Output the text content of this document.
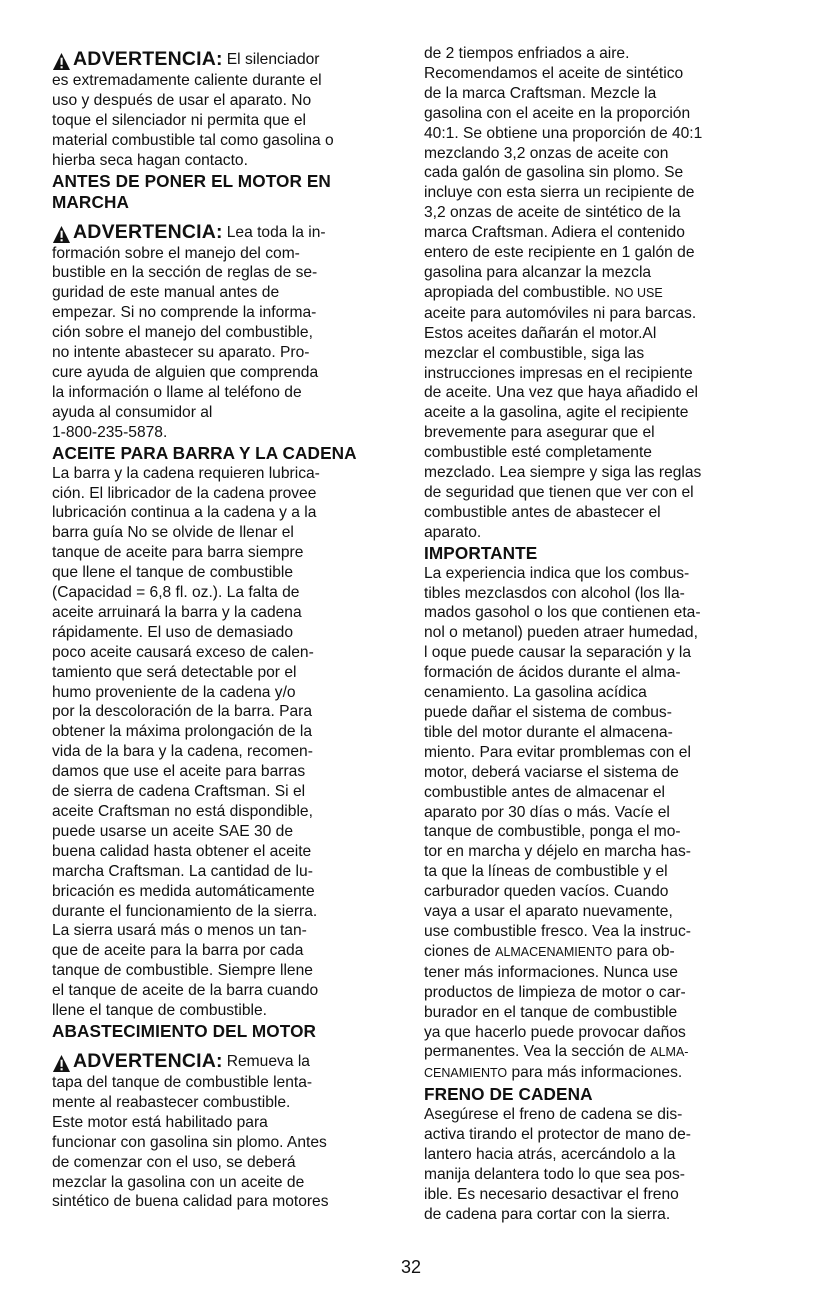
ADVERTENCIA: El silenciador
es extremadamente caliente durante el
uso y después de usar el aparato. No
toque el silenciador ni permita que el
material combustible tal como gasolina o
hierba seca hagan contacto.
ANTES DE PONER EL MOTOR EN
MARCHA
ADVERTENCIA: Lea toda la in-
formación sobre el manejo del com-
bustible en la sección de reglas de se-
guridad de este manual antes de
empezar. Si no comprende la informa-
ción sobre el manejo del combustible,
no intente abastecer su aparato. Pro-
cure ayuda de alguien que comprenda
la información o llame al teléfono de
ayuda al consumidor al
1-800-235-5878.
ACEITE PARA BARRA Y LA CADENA
La barra y la cadena requieren lubrica-
ción. El libricador de la cadena provee
lubricación continua a la cadena y a la
barra guía No se olvide de llenar el
tanque de aceite para barra siempre
que llene el tanque de combustible
(Capacidad = 6,8 fl. oz.). La falta de
aceite arruinará la barra y la cadena
rápidamente. El uso de demasiado
poco aceite causará exceso de calen-
tamiento que será detectable por el
humo proveniente de la cadena y/o
por la descoloración de la barra. Para
obtener la máxima prolongación de la
vida de la bara y la cadena, recomen-
damos que use el aceite para barras
de sierra de cadena Craftsman. Si el
aceite Craftsman no está dispondible,
puede usarse un aceite SAE 30 de
buena calidad hasta obtener el aceite
marcha Craftsman. La cantidad de lu-
bricación es medida automáticamente
durante el funcionamiento de la sierra.
La sierra usará más o menos un tan-
que de aceite para la barra por cada
tanque de combustible. Siempre llene
el tanque de aceite de la barra cuando
llene el tanque de combustible.
ABASTECIMIENTO DEL MOTOR
ADVERTENCIA: Remueva la
tapa del tanque de combustible lenta-
mente al reabastecer combustible.
Este motor está habilitado para
funcionar con gasolina sin plomo. Antes
de comenzar con el uso, se deberá
mezclar la gasolina con un aceite de
sintético de buena calidad para motores
de 2 tiempos enfriados a aire.
Recomendamos el aceite de sintético
de la marca Craftsman. Mezcle la
gasolina con el aceite en la proporción
40:1. Se obtiene una proporción de 40:1
mezclando 3,2 onzas de aceite con
cada galón de gasolina sin plomo. Se
incluye con esta sierra un recipiente de
3,2 onzas de aceite de sintético de la
marca Craftsman. Adiera el contenido
entero de este recipiente en 1 galón de
gasolina para alcanzar la mezcla
apropiada del combustible. NO USE
aceite para automóviles ni para barcas.
Estos aceites dañarán el motor.Al
mezclar el combustible, siga las
instrucciones impresas en el recipiente
de aceite. Una vez que haya añadido el
aceite a la gasolina, agite el recipiente
brevemente para asegurar que el
combustible esté completamente
mezclado. Lea siempre y siga las reglas
de seguridad que tienen que ver con el
combustible antes de abastecer el
aparato.
IMPORTANTE
La experiencia indica que los combus-
tibles mezclasdos con alcohol (los lla-
mados gasohol o los que contienen eta-
nol o metanol) pueden atraer humedad,
l oque puede causar la separación y la
formación de ácidos durante el alma-
cenamiento. La gasolina acídica
puede dañar el sistema de combus-
tible del motor durante el almacena-
miento. Para evitar promblemas con el
motor, deberá vaciarse el sistema de
combustible antes de almacenar el
aparato por 30 días o más. Vacíe el
tanque de combustible, ponga el mo-
tor en marcha y déjelo en marcha has-
ta que la líneas de combustible y el
carburador queden vacíos. Cuando
vaya a usar el aparato nuevamente,
use combustible fresco. Vea la instruc-
ciones de ALMACENAMIENTO para ob-
tener más informaciones. Nunca use
productos de limpieza de motor o car-
burador en el tanque de combustible
ya que hacerlo puede provocar daños
permanentes. Vea la sección de ALMA-
CENAMIENTO para más informaciones.
FRENO DE CADENA
Asegúrese el freno de cadena se dis-
activa tirando el protector de mano de-
lantero hacia atrás, acercándolo a la
manija delantera todo lo que sea pos-
ible. Es necesario desactivar el freno
de cadena para cortar con la sierra.
32
